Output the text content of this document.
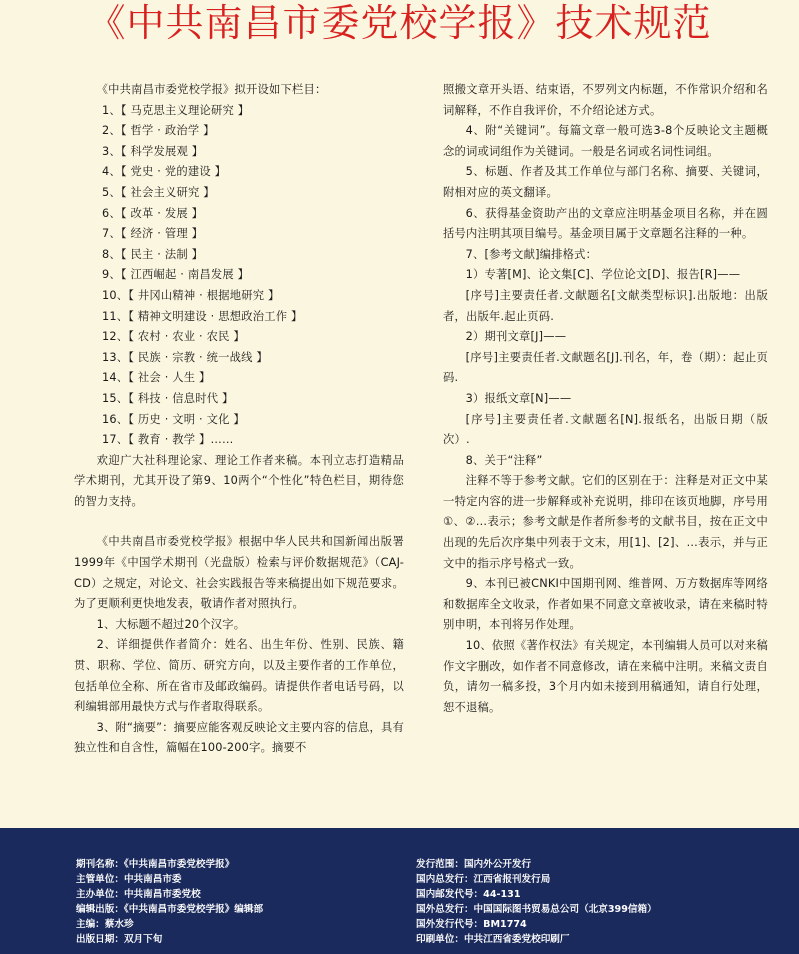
《中共南昌市委党校学报》技术规范

《中共南昌市委党校学报》拟开设如下栏目：

1、【 马克思主义理论研究 】
2、【 哲学 · 政治学 】
3、【 科学发展观 】
4、【 党史 · 党的建设 】
5、【 社会主义研究 】
6、【 改革 · 发展 】
7、【 经济 · 管理 】
8、【 民主 · 法制 】
9、【 江西崛起 · 南昌发展 】
10、【 井冈山精神 · 根据地研究 】
11、【 精神文明建设 · 思想政治工作 】
12、【 农村 · 农业 · 农民 】
13、【 民族 · 宗教 · 统一战线 】
14、【 社会 · 人生 】
15、【 科技 · 信息时代 】
16、【 历史 · 文明 · 文化 】
17、【 教育 · 教学 】……

欢迎广大社科理论家、理论工作者来稿。本刊立志打造精品学术期刊，尤其开设了第9、10两个“个性化”特色栏目，期待您的智力支持。

《中共南昌市委党校学报》根据中华人民共和国新闻出版署1999年《中国学术期刊（光盘版）检索与评价数据规范》（CAJ-CD）之规定，对论文、社会实践报告等来稿提出如下规范要求。为了更顺利更快地发表，敬请作者对照执行。

1、大标题不超过20个汉字。

2、详细提供作者简介：姓名、出生年份、性别、民族、籍贯、职称、学位、简历、研究方向，以及主要作者的工作单位，包括单位全称、所在省市及邮政编码。请提供作者电话号码，以利编辑部用最快方式与作者取得联系。

3、附“摘要”：摘要应能客观反映论文主要内容的信息，具有独立性和自含性，篇幅在100-200字。摘要不

照搬文章开头语、结束语，不罗列文内标题，不作常识介绍和名词解释，不作自我评价，不介绍论述方式。

4、附“关键词”。每篇文章一般可选3-8个反映论文主题概念的词或词组作为关键词。一般是名词或名词性词组。

5、标题、作者及其工作单位与部门名称、摘要、关键词，附相对应的英文翻译。

6、获得基金资助产出的文章应注明基金项目名称，并在圆括号内注明其项目编号。基金项目属于文章题名注释的一种。

7、[参考文献]编排格式：

1）专著[M]、论文集[C]、学位论文[D]、报告[R]——

[序号]主要责任者.文献题名[文献类型标识].出版地：出版者，出版年.起止页码.

2）期刊文章[J]——

[序号]主要责任者.文献题名[J].刊名，年，卷（期）：起止页码.

3）报纸文章[N]——

[序号]主要责任者.文献题名[N].报纸名，出版日期（版次）.

8、关于“注释”

注释不等于参考文献。它们的区别在于：注释是对正文中某一特定内容的进一步解释或补充说明，排印在该页地脚，序号用①、②…表示；参考文献是作者所参考的文献书目，按在正文中出现的先后次序集中列表于文末，用[1]、[2]、…表示，并与正文中的指示序号格式一致。

9、本刊已被CNKI中国期刊网、维普网、万方数据库等网络和数据库全文收录，作者如果不同意文章被收录，请在来稿时特别申明，本刊将另作处理。

10、依照《著作权法》有关规定，本刊编辑人员可以对来稿作文字删改，如作者不同意修改，请在来稿中注明。来稿文责自负，请勿一稿多投，3个月内如未接到用稿通知，请自行处理，恕不退稿。

期刊名称：《中共南昌市委党校学报》
主管单位：中共南昌市委
主办单位：中共南昌市委党校
编辑出版：《中共南昌市委党校学报》编辑部
主编：蔡水珍
出版日期：双月下旬
发行范围：国内外公开发行
国内总发行：江西省报刊发行局
国内邮发代号：44-131
国外总发行：中国国际图书贸易总公司（北京399信箱）
国外发行代号：BM1774
印刷单位：中共江西省委党校印刷厂
